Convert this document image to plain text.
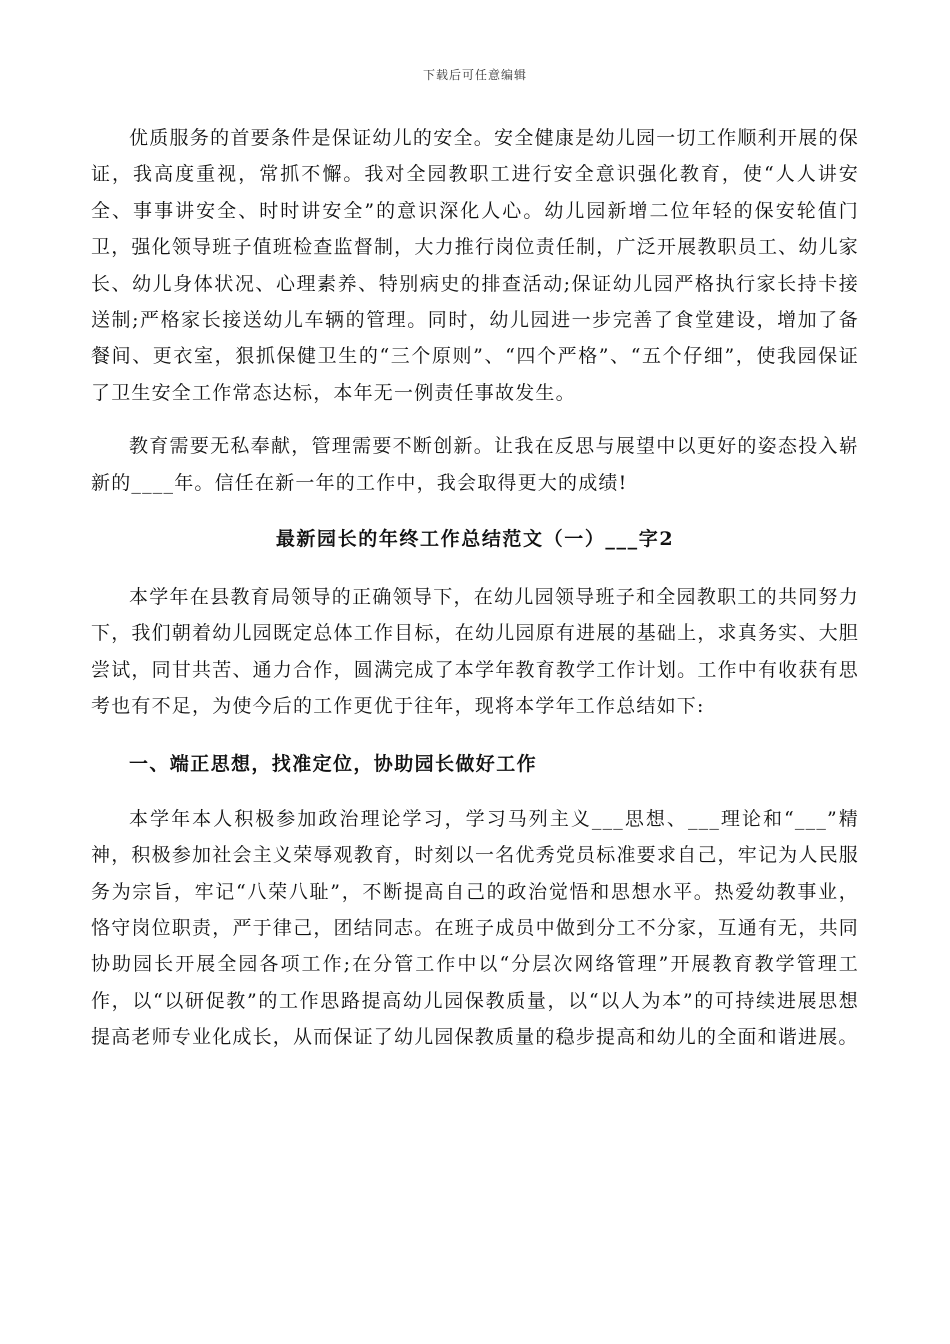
下载后可任意编辑

优质服务的首要条件是保证幼儿的安全。安全健康是幼儿园一切工作顺利开展的保证，我高度重视，常抓不懈。我对全园教职工进行安全意识强化教育，使“人人讲安全、事事讲安全、时时讲安全”的意识深化人心。幼儿园新增二位年轻的保安轮值门卫，强化领导班子值班检查监督制，大力推行岗位责任制，广泛开展教职员工、幼儿家长、幼儿身体状况、心理素养、特别病史的排查活动;保证幼儿园严格执行家长持卡接送制;严格家长接送幼儿车辆的管理。同时，幼儿园进一步完善了食堂建设，增加了备餐间、更衣室，狠抓保健卫生的“三个原则”、“四个严格”、“五个仔细”，使我园保证了卫生安全工作常态达标，本年无一例责任事故发生。

教育需要无私奉献，管理需要不断创新。让我在反思与展望中以更好的姿态投入崭新的____年。信任在新一年的工作中，我会取得更大的成绩!

最新园长的年终工作总结范文（一）___字2

本学年在县教育局领导的正确领导下，在幼儿园领导班子和全园教职工的共同努力下，我们朝着幼儿园既定总体工作目标，在幼儿园原有进展的基础上，求真务实、大胆尝试，同甘共苦、通力合作，圆满完成了本学年教育教学工作计划。工作中有收获有思考也有不足，为使今后的工作更优于往年，现将本学年工作总结如下:

一、端正思想，找准定位，协助园长做好工作

本学年本人积极参加政治理论学习，学习马列主义___思想、___理论和“___”精神，积极参加社会主义荣辱观教育，时刻以一名优秀党员标准要求自己，牢记为人民服务为宗旨，牢记“八荣八耻”，不断提高自己的政治觉悟和思想水平。热爱幼教事业，恪守岗位职责，严于律己，团结同志。在班子成员中做到分工不分家，互通有无，共同协助园长开展全园各项工作;在分管工作中以“分层次网络管理”开展教育教学管理工作，以“以研促教”的工作思路提高幼儿园保教质量，以“以人为本”的可持续进展思想提高老师专业化成长，从而保证了幼儿园保教质量的稳步提高和幼儿的全面和谐进展。
